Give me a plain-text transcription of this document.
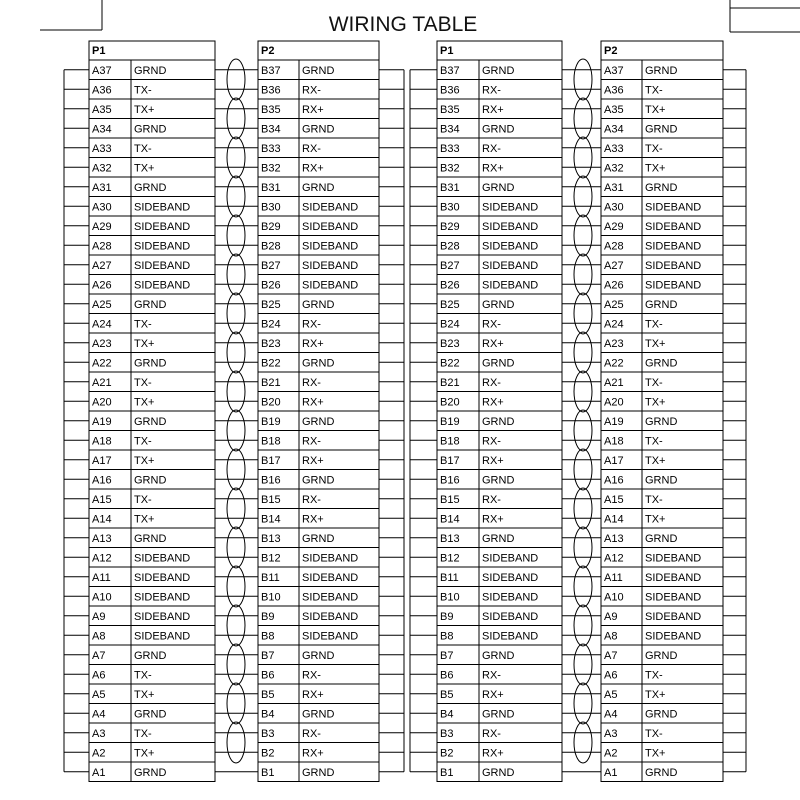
WIRING TABLE
P1
A37 GRND
A36 TX-
A35 TX+
A34 GRND
A33 TX-
A32 TX+
A31 GRND
A30 SIDEBAND
A29 SIDEBAND
A28 SIDEBAND
A27 SIDEBAND
A26 SIDEBAND
A25 GRND
A24 TX-
A23 TX+
A22 GRND
A21 TX-
A20 TX+
A19 GRND
A18 TX-
A17 TX+
A16 GRND
A15 TX-
A14 TX+
A13 GRND
A12 SIDEBAND
A11 SIDEBAND
A10 SIDEBAND
A9	SIDEBAND
A8	SIDEBAND
A7	GRND
A6	TX-
A5	TX+
A4	GRND
A3	TX-
A2	TX+
A1	GRND
P2
B37 GRND
B36 RX-
B35 RX+
B34 GRND
B33 RX-
B32 RX+
B31 GRND
B30 SIDEBAND
B29 SIDEBAND
B28 SIDEBAND
B27 SIDEBAND
B26 SIDEBAND
B25 GRND
B24 RX-
B23 RX+
B22 GRND
B21 RX-
B20 RX+
B19 GRND
B18 RX-
B17 RX+
B16 GRND
B15 RX-
B14 RX+
B13 GRND
B12 SIDEBAND
B11 SIDEBAND
B10 SIDEBAND
B9	SIDEBAND
B8	SIDEBAND
B7	GRND
B6	RX-
B5	RX+
B4	GRND
B3	RX-
B2	RX+
B1	GRND
P1
B37 GRND
B36 RX-
B35 RX+
B34 GRND
B33 RX-
B32 RX+
B31 GRND
B30 SIDEBAND
B29 SIDEBAND
B28 SIDEBAND
B27 SIDEBAND
B26 SIDEBAND
B25 GRND
B24 RX-
B23 RX+
B22 GRND
B21 RX-
B20 RX+
B19 GRND
B18 RX-
B17 RX+
B16 GRND
B15 RX-
B14 RX+
B13 GRND
B12 SIDEBAND
B11 SIDEBAND
B10 SIDEBAND
B9	SIDEBAND
B8	SIDEBAND
B7	GRND
B6	RX-
B5	RX+
B4	GRND
B3	RX-
B2	RX+
B1	GRND
P2
A37 GRND
A36 TX-
A35 TX+
A34 GRND
A33 TX-
A32 TX+
A31 GRND
A30 SIDEBAND
A29 SIDEBAND
A28 SIDEBAND
A27 SIDEBAND
A26 SIDEBAND
A25 GRND
A24 TX-
A23 TX+
A22 GRND
A21 TX-
A20 TX+
A19 GRND
A18 TX-
A17 TX+
A16 GRND
A15 TX-
A14 TX+
A13 GRND
A12 SIDEBAND
A11 SIDEBAND
A10 SIDEBAND
A9	SIDEBAND
A8	SIDEBAND
A7	GRND
A6	TX-
A5	TX+
A4	GRND
A3	TX-
A2	TX+
A1	GRND
